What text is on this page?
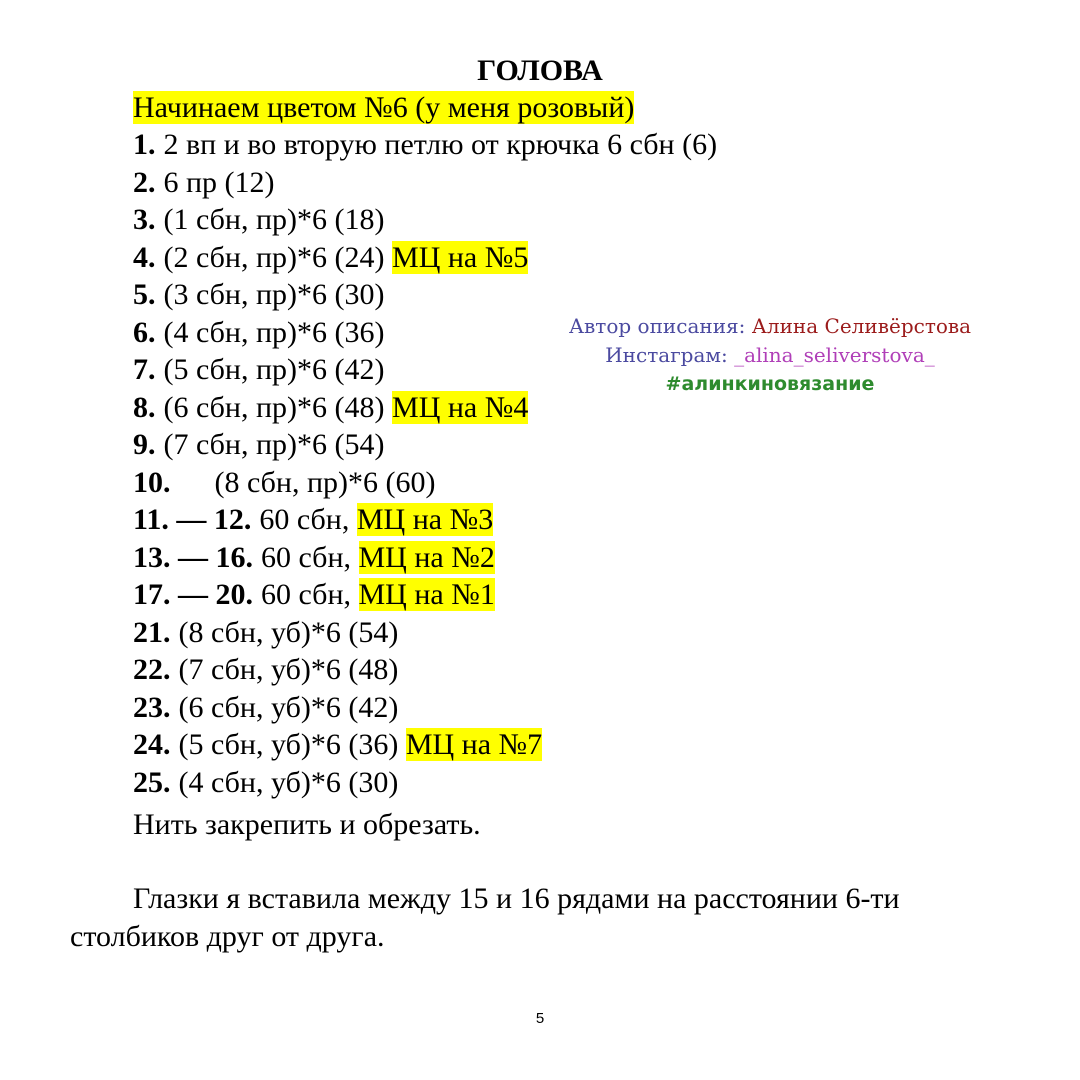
ГОЛОВА
Начинаем цветом №6 (у меня розовый)
1. 2 вп и во вторую петлю от крючка 6 сбн (6)
2. 6 пр (12)
3. (1 сбн, пр)*6 (18)
4. (2 сбн, пр)*6 (24) МЦ на №5
5. (3 сбн, пр)*6 (30)
6. (4 сбн, пр)*6 (36)
7. (5 сбн, пр)*6 (42)
8. (6 сбн, пр)*6 (48) МЦ на №4
9. (7 сбн, пр)*6 (54)
10. (8 сбн, пр)*6 (60)
11. — 12. 60 сбн, МЦ на №3
13. — 16. 60 сбн, МЦ на №2
17. — 20. 60 сбн, МЦ на №1
21. (8 сбн, уб)*6 (54)
22. (7 сбн, уб)*6 (48)
23. (6 сбн, уб)*6 (42)
24. (5 сбн, уб)*6 (36) МЦ на №7
25. (4 сбн, уб)*6 (30)
Нить закрепить и обрезать.
Глазки я вставила между 15 и 16 рядами на расстоянии 6-ти столбиков друг от друга.
Автор описания: Алина Селивёрстова
Инстаграм: _alina_seliverstova_
#алинкиновязание
5
